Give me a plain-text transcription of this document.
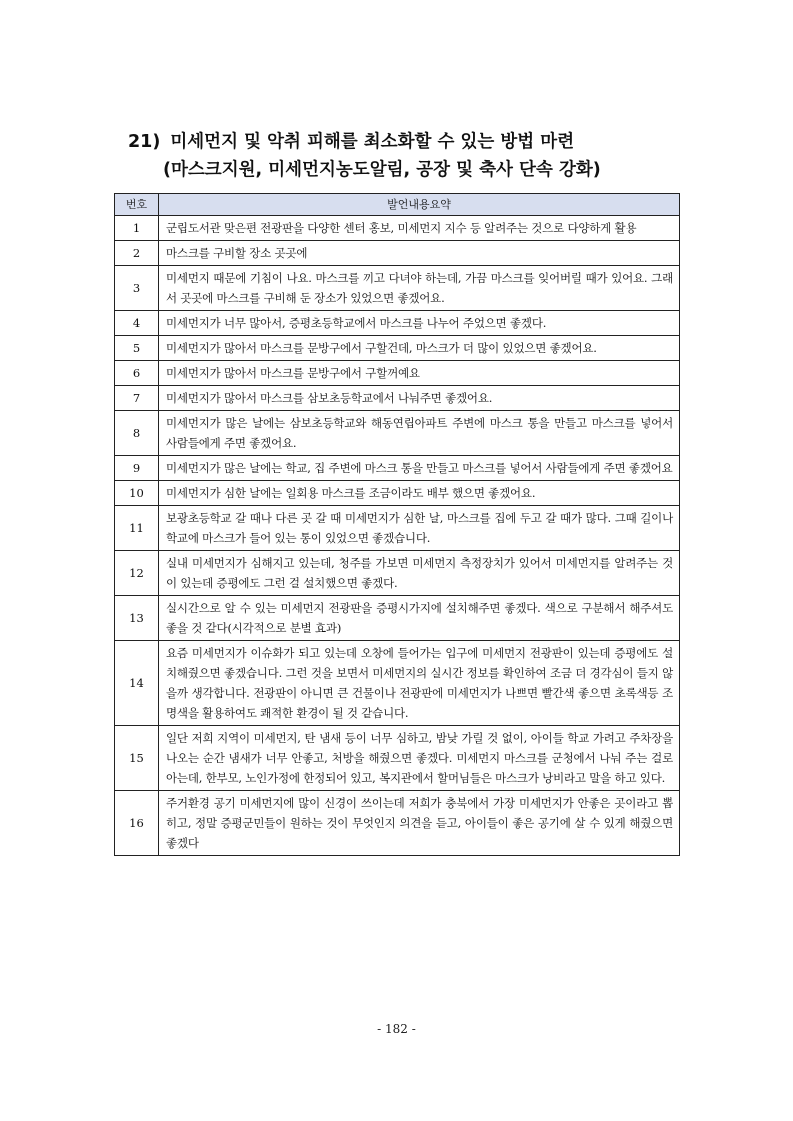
21) 미세먼지 및 악취 피해를 최소화할 수 있는 방법 마련
(마스크지원, 미세먼지농도알림, 공장 및 축사 단속 강화)
번호	발언내용요약
1	군립도서관 맞은편 전광판을 다양한 센터 홍보, 미세먼지 지수 등 알려주는 것으로 다양하게 활용
2	마스크를 구비할 장소 곳곳에
3	미세먼지 때문에 기침이 나요. 마스크를 끼고 다녀야 하는데, 가끔 마스크를 잊어버릴 때가 있어요. 그래서 곳곳에 마스크를 구비해 둔 장소가 있었으면 좋겠어요.
4	미세먼지가 너무 많아서, 증평초등학교에서 마스크를 나누어 주었으면 좋겠다.
5	미세먼지가 많아서 마스크를 문방구에서 구할건데, 마스크가 더 많이 있었으면 좋겠어요.
6	미세먼지가 많아서 마스크를 문방구에서 구할꺼예요
7	미세먼지가 많아서 마스크를 삼보초등학교에서 나눠주면 좋겠어요.
8	미세먼지가 많은 날에는 삼보초등학교와 해동연립아파트 주변에 마스크 통을 만들고 마스크를 넣어서 사람들에게 주면 좋겠어요.
9	미세먼지가 많은 날에는 학교, 집 주변에 마스크 통을 만들고 마스크를 넣어서 사람들에게 주면 좋겠어요
10	미세먼지가 심한 날에는 일회용 마스크를 조금이라도 배부 했으면 좋겠어요.
11	보광초등학교 갈 때나 다른 곳 갈 때 미세먼지가 심한 날, 마스크를 집에 두고 갈 때가 많다. 그때 길이나 학교에 마스크가 들어 있는 통이 있었으면 좋겠습니다.
12	실내 미세먼지가 심해지고 있는데, 청주를 가보면 미세먼지 측정장치가 있어서 미세먼지를 알려주는 것이 있는데 증평에도 그런 걸 설치했으면 좋겠다.
13	실시간으로 알 수 있는 미세먼지 전광판을 증평시가지에 설치해주면 좋겠다. 색으로 구분해서 해주셔도 좋을 것 같다(시각적으로 분별 효과)
14	요즘 미세먼지가 이슈화가 되고 있는데 오창에 들어가는 입구에 미세먼지 전광판이 있는데 증평에도 설치해줬으면 좋겠습니다. 그런 것을 보면서 미세먼지의 실시간 정보를 확인하여 조금 더 경각심이 들지 않을까 생각합니다. 전광판이 아니면 큰 건물이나 전광판에 미세먼지가 나쁘면 빨간색 좋으면 초록색등 조명색을 활용하여도 쾌적한 환경이 될 것 같습니다.
15	일단 저희 지역이 미세먼지, 탄 냄새 등이 너무 심하고, 밤낮 가릴 것 없이, 아이들 학교 가려고 주차장을 나오는 순간 냄새가 너무 안좋고, 처방을 해줬으면 좋겠다. 미세먼지 마스크를 군청에서 나눠 주는 걸로 아는데, 한부모, 노인가정에 한정되어 있고, 복지관에서 할머님들은 마스크가 낭비라고 말을 하고 있다.
16	주거환경 공기 미세먼지에 많이 신경이 쓰이는데 저희가 충북에서 가장 미세먼지가 안좋은 곳이라고 뽑히고, 정말 증평군민들이 원하는 것이 무엇인지 의견을 듣고, 아이들이 좋은 공기에 살 수 있게 해줬으면 좋겠다
- 182 -
